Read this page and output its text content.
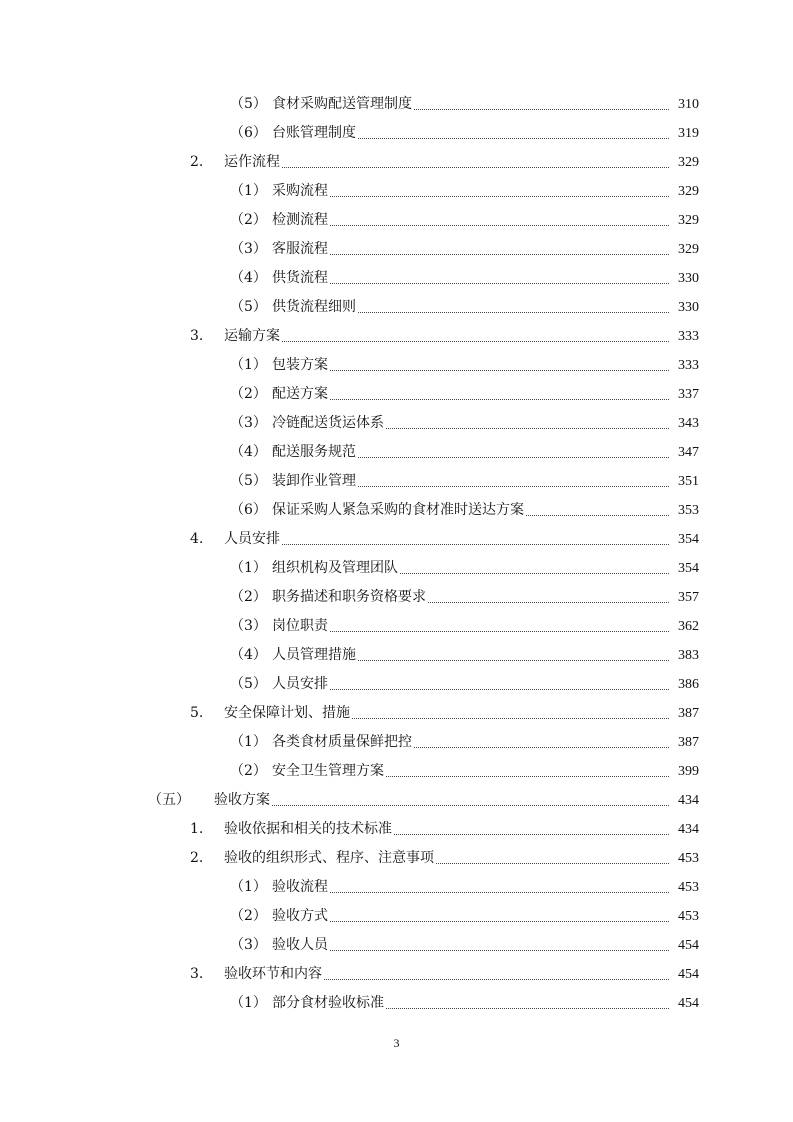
（5） 食材采购配送管理制度	310
（6） 台账管理制度	319
2. 运作流程	329
（1） 采购流程	329
（2） 检测流程	329
（3） 客服流程	329
（4） 供货流程	330
（5） 供货流程细则	330
3. 运输方案	333
（1） 包装方案	333
（2） 配送方案	337
（3） 冷链配送货运体系	343
（4） 配送服务规范	347
（5） 装卸作业管理	351
（6） 保证采购人紧急采购的食材准时送达方案	353
4. 人员安排	354
（1） 组织机构及管理团队	354
（2） 职务描述和职务资格要求	357
（3） 岗位职责	362
（4） 人员管理措施	383
（5） 人员安排	386
5. 安全保障计划、措施	387
（1） 各类食材质量保鲜把控	387
（2） 安全卫生管理方案	399
（五） 验收方案	434
1. 验收依据和相关的技术标准	434
2. 验收的组织形式、程序、注意事项	453
（1） 验收流程	453
（2） 验收方式	453
（3） 验收人员	454
3. 验收环节和内容	454
（1） 部分食材验收标准	454
3
